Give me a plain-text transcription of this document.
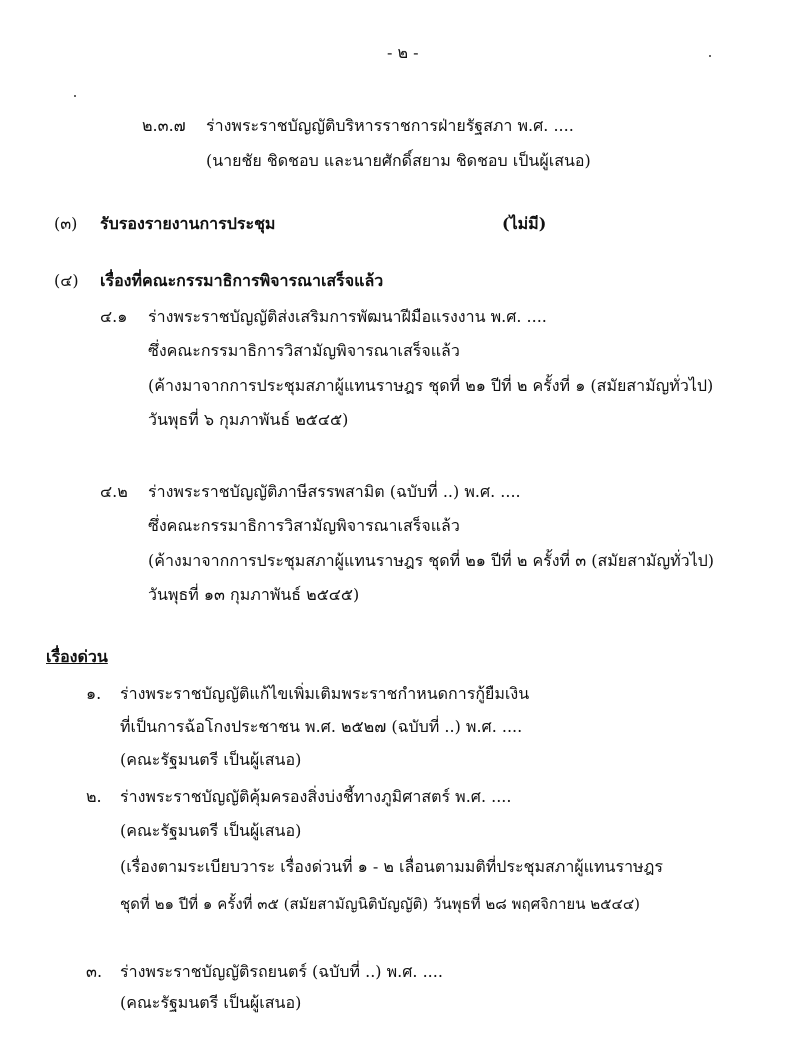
- ๒ -
๒.๓.๗ ร่างพระราชบัญญัติบริหารราชการฝ่ายรัฐสภา พ.ศ. ....
(นายชัย ชิดชอบ และนายศักดิ์สยาม ชิดชอบ เป็นผู้เสนอ)
(๓) รับรองรายงานการประชุม	(ไม่มี)
(๔) เรื่องที่คณะกรรมาธิการพิจารณาเสร็จแล้ว
๔.๑ ร่างพระราชบัญญัติส่งเสริมการพัฒนาฝีมือแรงงาน พ.ศ. ....
ซึ่งคณะกรรมาธิการวิสามัญพิจารณาเสร็จแล้ว
(ค้างมาจากการประชุมสภาผู้แทนราษฎร ชุดที่ ๒๑ ปีที่ ๒ ครั้งที่ ๑ (สมัยสามัญทั่วไป)
วันพุธที่ ๖ กุมภาพันธ์ ๒๕๔๕)
๔.๒ ร่างพระราชบัญญัติภาษีสรรพสามิต (ฉบับที่ ..) พ.ศ. ....
ซึ่งคณะกรรมาธิการวิสามัญพิจารณาเสร็จแล้ว
(ค้างมาจากการประชุมสภาผู้แทนราษฎร ชุดที่ ๒๑ ปีที่ ๒ ครั้งที่ ๓ (สมัยสามัญทั่วไป)
วันพุธที่ ๑๓ กุมภาพันธ์ ๒๕๔๕)
เรื่องด่วน
๑. ร่างพระราชบัญญัติแก้ไขเพิ่มเติมพระราชกำหนดการกู้ยืมเงิน
ที่เป็นการฉ้อโกงประชาชน พ.ศ. ๒๕๒๗ (ฉบับที่ ..) พ.ศ. ....
(คณะรัฐมนตรี เป็นผู้เสนอ)
๒. ร่างพระราชบัญญัติคุ้มครองสิ่งบ่งชี้ทางภูมิศาสตร์ พ.ศ. ....
(คณะรัฐมนตรี เป็นผู้เสนอ)
(เรื่องตามระเบียบวาระ เรื่องด่วนที่ ๑ - ๒ เลื่อนตามมติที่ประชุมสภาผู้แทนราษฎร
ชุดที่ ๒๑ ปีที่ ๑ ครั้งที่ ๓๕ (สมัยสามัญนิติบัญญัติ) วันพุธที่ ๒๘ พฤศจิกายน ๒๕๔๔)
๓. ร่างพระราชบัญญัติรถยนตร์ (ฉบับที่ ..) พ.ศ. ....
(คณะรัฐมนตรี เป็นผู้เสนอ)
